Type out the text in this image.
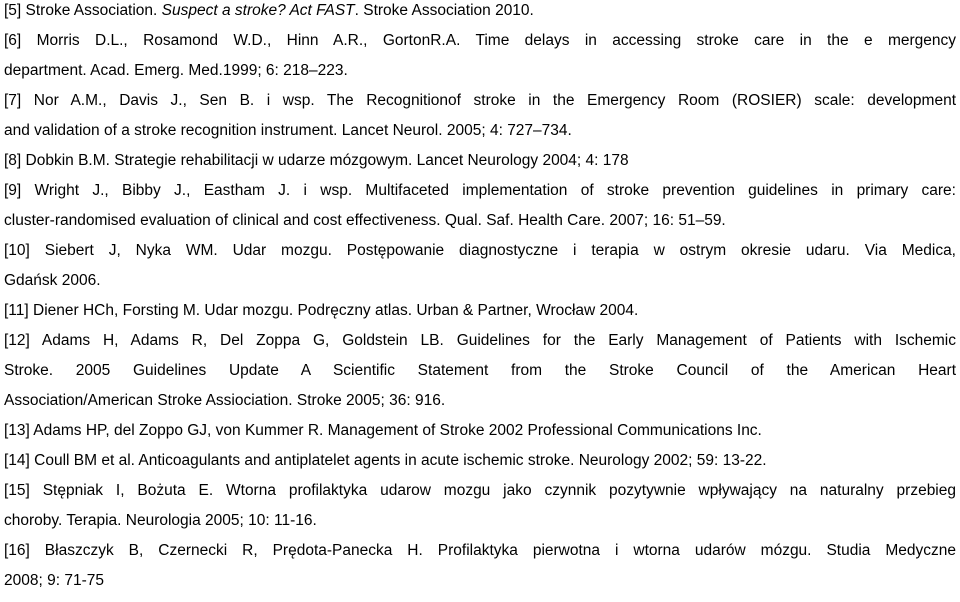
[5] Stroke Association. Suspect a stroke? Act FAST. Stroke Association 2010.
[6] Morris D.L., Rosamond W.D., Hinn A.R., GortonR.A. Time delays in accessing stroke care in the e mergency
department. Acad. Emerg. Med.1999; 6: 218–223.
[7] Nor A.M., Davis J., Sen B. i wsp. The Recognitionof stroke in the Emergency Room (ROSIER) scale: development
and validation of a stroke recognition instrument. Lancet Neurol. 2005; 4: 727–734.
[8] Dobkin B.M. Strategie rehabilitacji w udarze mózgowym. Lancet Neurology 2004; 4: 178
[9] Wright J., Bibby J., Eastham J. i wsp. Multifaceted implementation of stroke prevention guidelines in primary care:
cluster-randomised evaluation of clinical and cost effectiveness. Qual. Saf. Health Care. 2007; 16: 51–59.
[10] Siebert J, Nyka WM. Udar mozgu. Postępowanie diagnostyczne i terapia w ostrym okresie udaru. Via Medica,
Gdańsk 2006.
[11] Diener HCh, Forsting M. Udar mozgu. Podręczny atlas. Urban & Partner, Wrocław 2004.
[12] Adams H, Adams R, Del Zoppa G, Goldstein LB. Guidelines for the Early Management of Patients with Ischemic
Stroke. 2005 Guidelines Update A Scientific Statement from the Stroke Council of the American Heart
Association/American Stroke Assiociation. Stroke 2005; 36: 916.
[13] Adams HP, del Zoppo GJ, von Kummer R. Management of Stroke 2002 Professional Communications Inc.
[14] Coull BM et al. Anticoagulants and antiplatelet agents in acute ischemic stroke. Neurology 2002; 59: 13-22.
[15] Stępniak I, Bożuta E. Wtorna profilaktyka udarow mozgu jako czynnik pozytywnie wpływający na naturalny przebieg
choroby. Terapia. Neurologia 2005; 10: 11-16.
[16] Błaszczyk B, Czernecki R, Prędota-Panecka H. Profilaktyka pierwotna i wtorna udarów mózgu. Studia Medyczne
2008; 9: 71-75
